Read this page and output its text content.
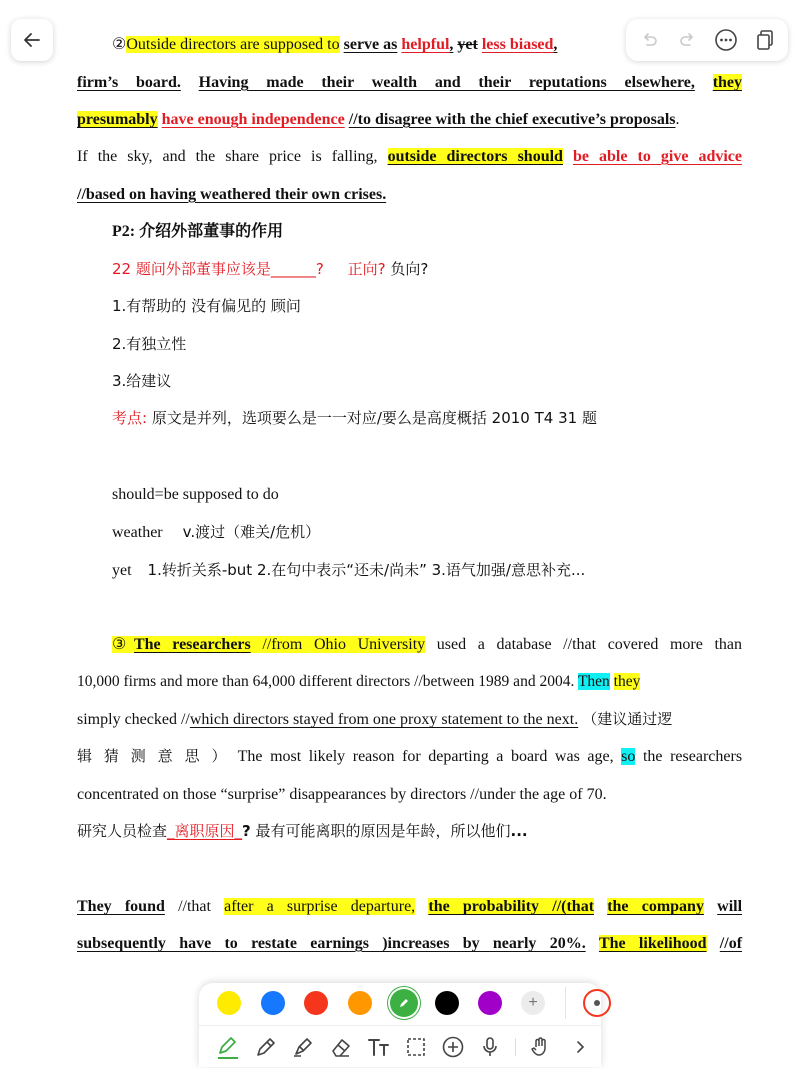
②Outside directors are supposed to serve as helpful, yet less biased,
firm’s board. Having made their wealth and their reputations elsewhere, they
presumably have enough independence //to disagree with the chief executive’s proposals.
If the sky, and the share price is falling, outside directors should be able to give advice
//based on having weathered their own crises.
P2: 介绍外部董事的作用
22 题问外部董事应该是______? 正向? 负向?
1.有帮助的 没有偏见的 顾问
2.有独立性
3.给建议
考点: 原文是并列，选项要么是一一对应/要么是高度概括 2010 T4 31 题
should=be supposed to do
weather v.渡过（难关/危机）
yet 1.转折关系-but 2.在句中表示“还未/尚未” 3.语气加强/意思补充...
③The researchers //from Ohio University used a database //that covered more than
10,000 firms and more than 64,000 different directors //between 1989 and 2004. Then they
simply checked //which directors stayed from one proxy statement to the next. （建议通过逻
辑 猜 测 意 思 ） The most likely reason for departing a board was age, so the researchers
concentrated on those “surprise” disappearances by directors //under the age of 70.
研究人员检查_离职原因_? 最有可能离职的原因是年龄，所以他们...
They found //that after a surprise departure, the probability //(that the company will
subsequently have to restate earnings )increases by nearly 20%. The likelihood //of
+
